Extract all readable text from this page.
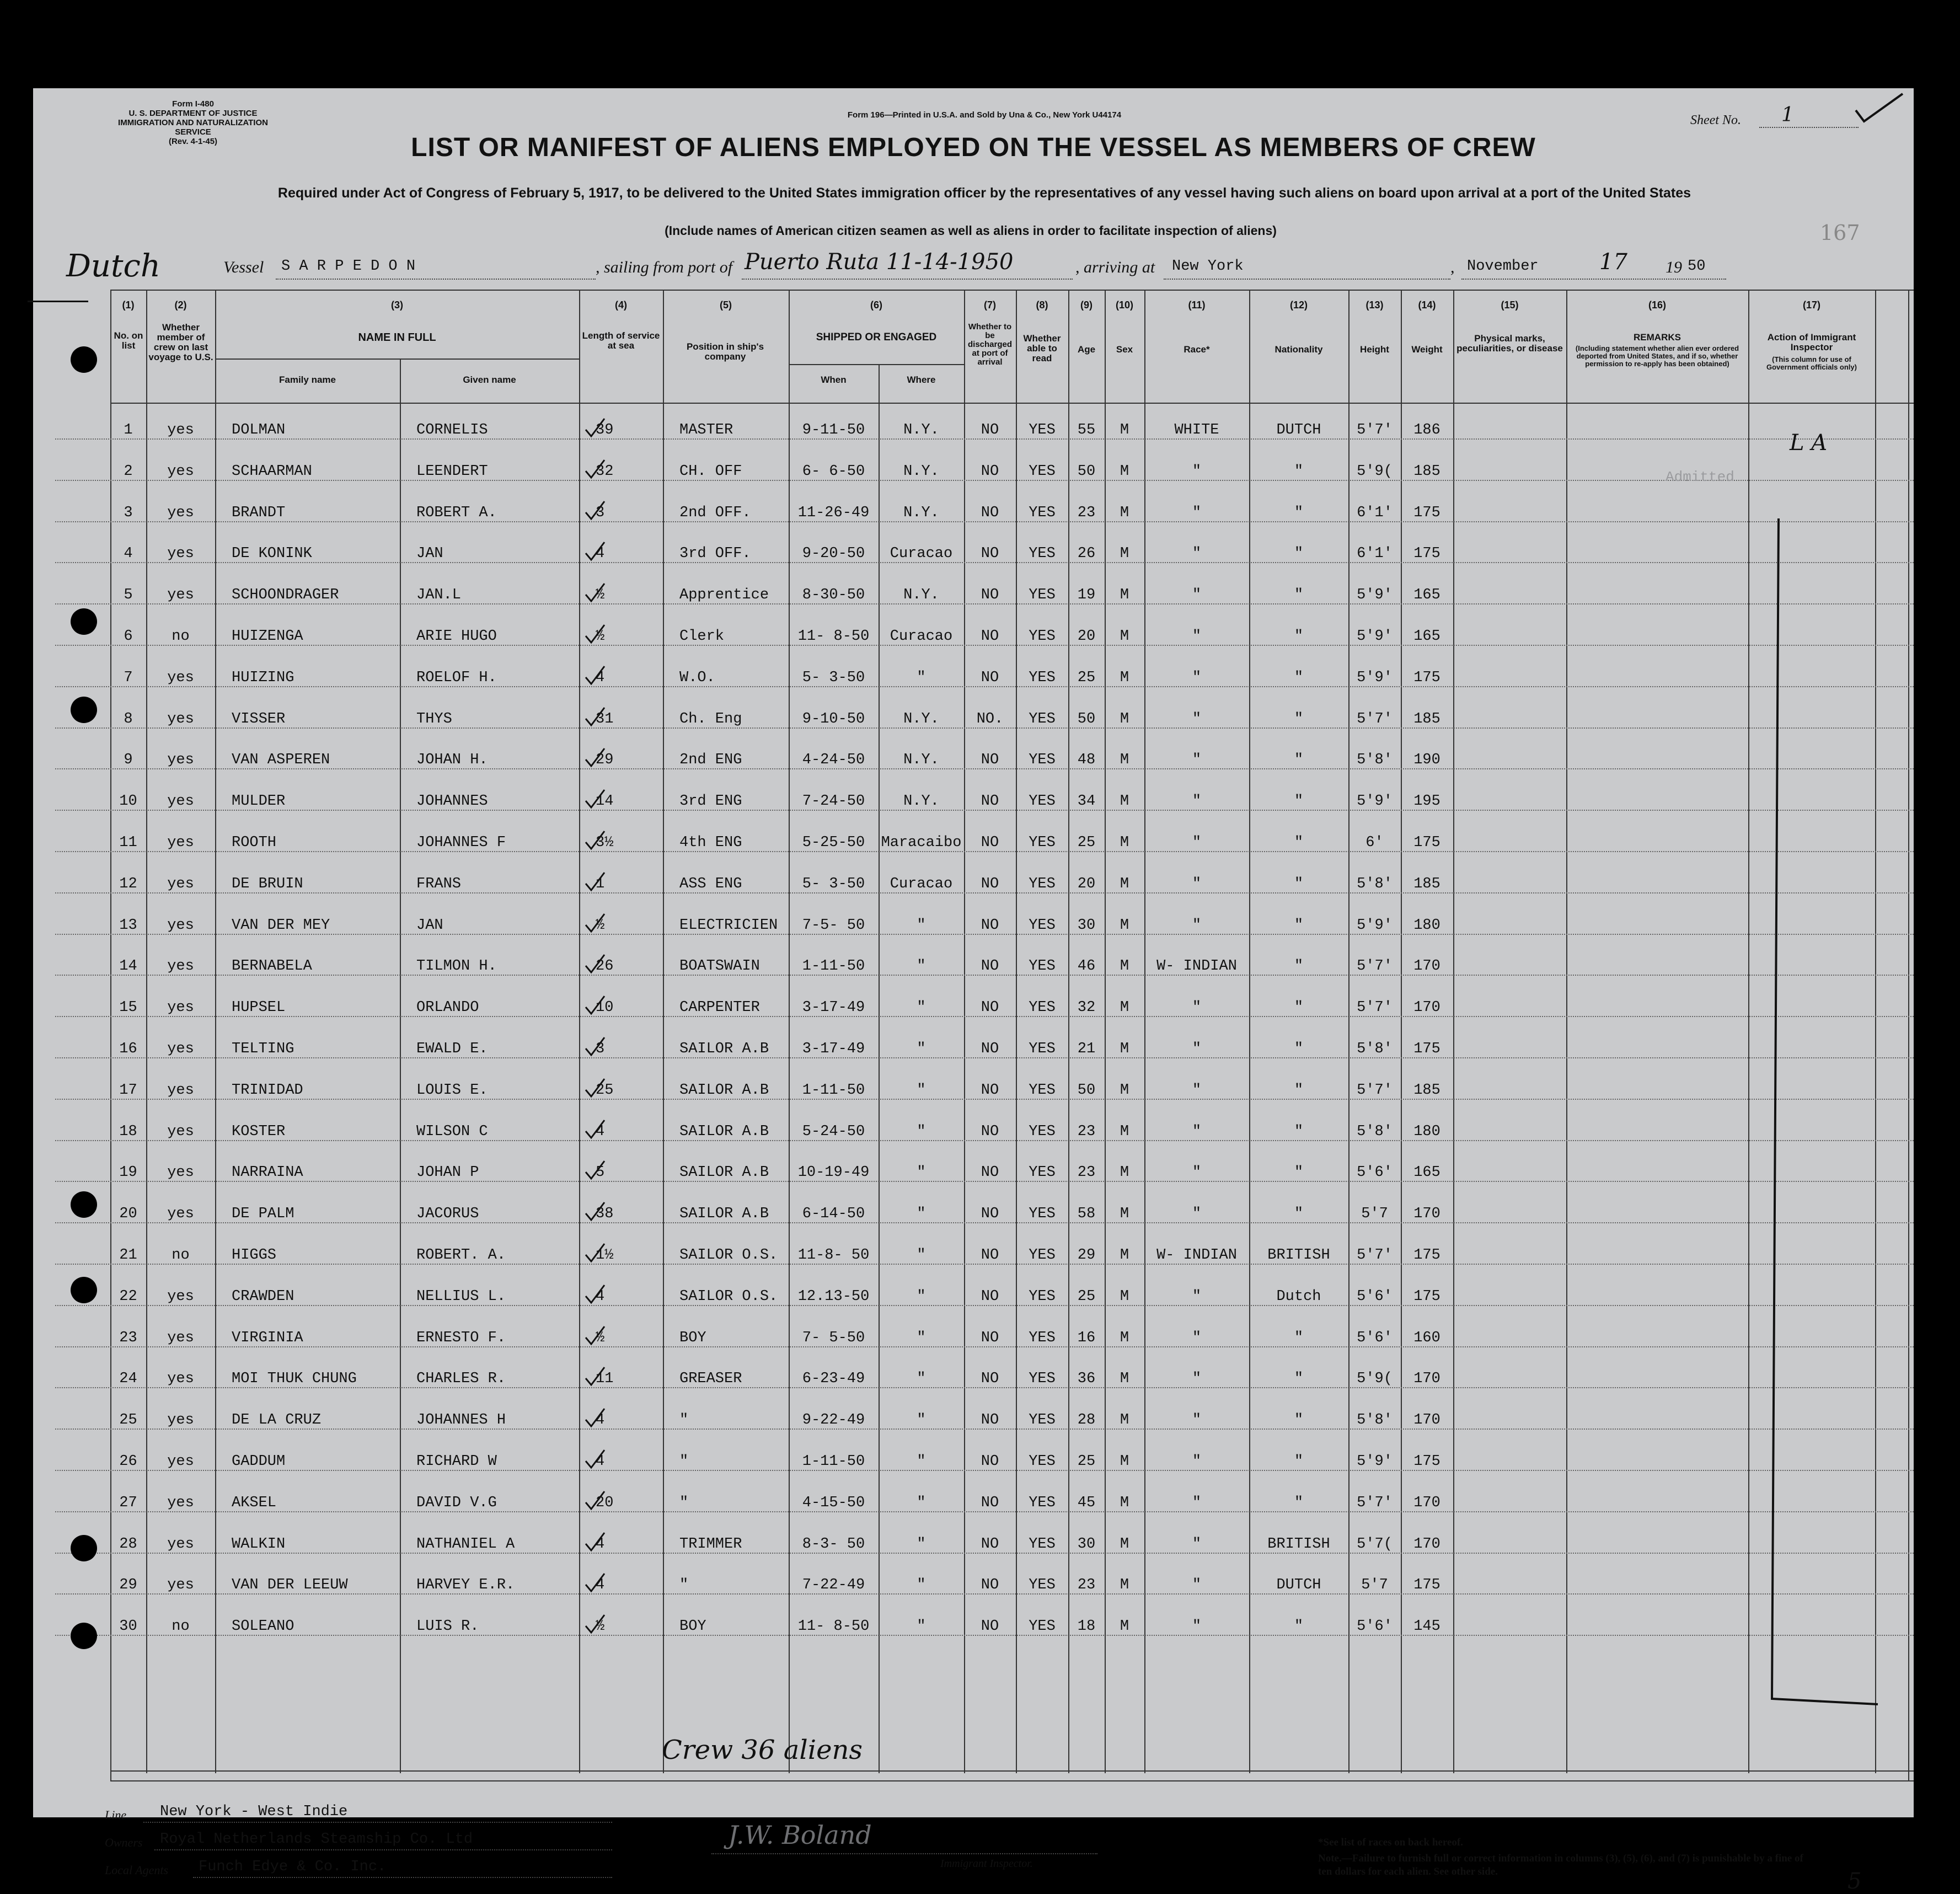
Form I-480
U. S. DEPARTMENT OF JUSTICE
IMMIGRATION AND NATURALIZATION SERVICE
(Rev. 4-1-45)
Form 196—Printed in U.S.A. and Sold by Una & Co., New York U44174	Sheet No. 1
LIST OR MANIFEST OF ALIENS EMPLOYED ON THE VESSEL AS MEMBERS OF CREW
Required under Act of Congress of February 5, 1917, to be delivered to the United States immigration officer by the representatives of any vessel having such aliens on board upon arrival at a port of the United States
(Include names of American citizen seamen as well as aliens in order to facilitate inspection of aliens)	167
Dutch	Vessel S A R P E D O N	, sailing from port of Puerto Ruta 11-14-1950	, arriving at New York	, November	17 19 50
(1)	(2)	(3)	(4)	(5)	(6)	(7)	(8)	(9)	(10)	(11)	(12)	(13)	(14)	(15)	(16)	(17)
No. on list
Whether member of crew on last voyage to U.S.
NAME IN FULL
Family name	Given name
Length of service at sea	Position in ship's company
SHIPPED OR ENGAGED
When	Where
Whether to be discharged at port of arrival
Whether able to read
Age	Sex	Race*	Nationality	Height	Weight
Physical marks, peculiarities, or disease
REMARKS
(Including statement whether alien ever ordered deported from United States, and if so, whether permission to re-apply has been obtained)
Action of Immigrant Inspector
(This column for use of Government officials only)
1	yes	DOLMAN	CORNELIS	39	MASTER	9-11-50	N.Y.	NO	YES	55	M	WHITE	DUTCH	5'7'	186
2	yes	SCHAARMAN	LEENDERT	32	CH. OFF	6- 6-50	N.Y.	NO	YES	50	M	"	"	5'9(	185
3	yes	BRANDT	ROBERT A.	3	2nd OFF.	11-26-49	N.Y.	NO	YES	23	M	"	"	6'1'	175
4	yes	DE KONINK	JAN	4	3rd OFF.	9-20-50	Curacao	NO	YES	26	M	"	"	6'1'	175
5	yes	SCHOONDRAGER	JAN.L	½	Apprentice	8-30-50	N.Y.	NO	YES	19	M	"	"	5'9'	165
6	no	HUIZENGA	ARIE HUGO	½	Clerk	11- 8-50	Curacao	NO	YES	20	M	"	"	5'9'	165
7	yes	HUIZING	ROELOF H.	4	W.O.	5- 3-50	"	NO	YES	25	M	"	"	5'9'	175
8	yes	VISSER	THYS	31	Ch. Eng	9-10-50	N.Y.	NO.	YES	50	M	"	"	5'7'	185
9	yes	VAN ASPEREN	JOHAN H.	29	2nd ENG	4-24-50	N.Y.	NO	YES	48	M	"	"	5'8'	190
10	yes	MULDER	JOHANNES	14	3rd ENG	7-24-50	N.Y.	NO	YES	34	M	"	"	5'9'	195
11	yes	ROOTH	JOHANNES F	3½	4th ENG	5-25-50	Maracaibo	NO	YES	25	M	"	"	6'	175
12	yes	DE BRUIN	FRANS	1	ASS ENG	5- 3-50	Curacao	NO	YES	20	M	"	"	5'8'	185
13	yes	VAN DER MEY	JAN	½	ELECTRICIEN	7-5- 50	"	NO	YES	30	M	"	"	5'9'	180
14	yes	BERNABELA	TILMON H.	26	BOATSWAIN	1-11-50	"	NO	YES	46	M	W- INDIAN	"	5'7'	170
15	yes	HUPSEL	ORLANDO	10	CARPENTER	3-17-49	"	NO	YES	32	M	"	"	5'7'	170
16	yes	TELTING	EWALD E.	3	SAILOR A.B	3-17-49	"	NO	YES	21	M	"	"	5'8'	175
17	yes	TRINIDAD	LOUIS E.	25	SAILOR A.B	1-11-50	"	NO	YES	50	M	"	"	5'7'	185
18	yes	KOSTER	WILSON C	4	SAILOR A.B	5-24-50	"	NO	YES	23	M	"	"	5'8'	180
19	yes	NARRAINA	JOHAN P	5	SAILOR A.B	10-19-49	"	NO	YES	23	M	"	"	5'6'	165
20	yes	DE PALM	JACORUS	38	SAILOR A.B	6-14-50	"	NO	YES	58	M	"	"	5'7	170
21	no	HIGGS	ROBERT. A.	1½	SAILOR O.S.	11-8- 50	"	NO	YES	29	M	W- INDIAN	BRITISH	5'7'	175
22	yes	CRAWDEN	NELLIUS L.	4	SAILOR O.S.	12.13-50	"	NO	YES	25	M	"	Dutch	5'6'	175
23	yes	VIRGINIA	ERNESTO F.	½	BOY	7- 5-50	"	NO	YES	16	M	"	"	5'6'	160
24	yes	MOI THUK CHUNG	CHARLES R.	11	GREASER	6-23-49	"	NO	YES	36	M	"	"	5'9(	170
25	yes	DE LA CRUZ	JOHANNES H	4	"	9-22-49	"	NO	YES	28	M	"	"	5'8'	170
26	yes	GADDUM	RICHARD W	4	"	1-11-50	"	NO	YES	25	M	"	"	5'9'	175
27	yes	AKSEL	DAVID V.G	20	"	4-15-50	"	NO	YES	45	M	"	"	5'7'	170
28	yes	WALKIN	NATHANIEL A	4	TRIMMER	8-3- 50	"	NO	YES	30	M	"	BRITISH	5'7(	170
29	yes	VAN DER LEEUW	HARVEY E.R.	4	"	7-22-49	"	NO	YES	23	M	"	DUTCH	5'7	175
30	no	SOLEANO	LUIS R.	½	BOY	11- 8-50	"	NO	YES	18	M	"	"	5'6'	145
L A
Admitted
Crew 36 aliens
Line New York - West Indie
Owners Royal Netherlands Steamship Co. Ltd
Local Agents Funch Edye & Co. Inc.
J.W. Boland
Immigrant Inspector.
*See list of races on back hereof.
Note.—Failure to furnish full or correct information in columns (3), (5), (6), and (7) is punishable by a fine of ten dollars for each alien. See other side.	5
